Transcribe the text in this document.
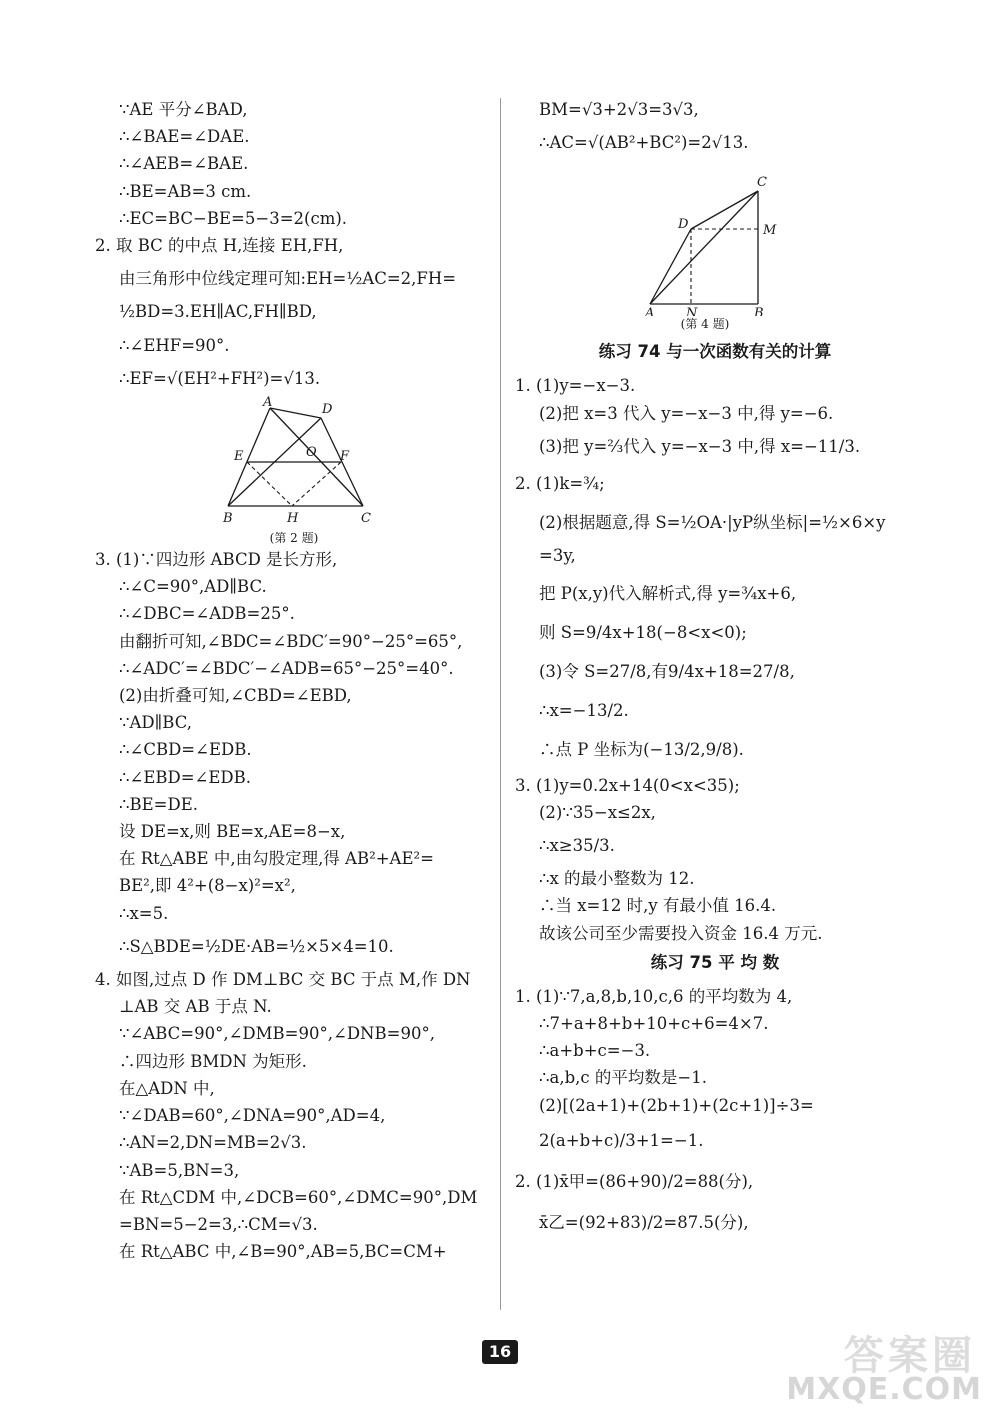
∵AE 平分∠BAD,
∴∠BAE=∠DAE.
∴∠AEB=∠BAE.
∴BE=AB=3 cm.
∴EC=BC−BE=5−3=2(cm).
2. 取 BC 的中点 H,连接 EH,FH,
由三角形中位线定理可知:EH=½AC=2,FH=
½BD=3.EH∥AC,FH∥BD,
∴∠EHF=90°.
∴EF=√(EH²+FH²)=√13.
A	D
E	O F
B	H	C
(第 2 题)
3. (1)∵四边形 ABCD 是长方形,
∴∠C=90°,AD∥BC.
∴∠DBC=∠ADB=25°.
由翻折可知,∠BDC=∠BDC′=90°−25°=65°,
∴∠ADC′=∠BDC′−∠ADB=65°−25°=40°.
(2)由折叠可知,∠CBD=∠EBD,
∵AD∥BC,
∴∠CBD=∠EDB.
∴∠EBD=∠EDB.
∴BE=DE.
设 DE=x,则 BE=x,AE=8−x,
在 Rt△ABE 中,由勾股定理,得 AB²+AE²=
BE²,即 4²+(8−x)²=x²,
∴x=5.
∴S△BDE=½DE·AB=½×5×4=10.
4. 如图,过点 D 作 DM⊥BC 交 BC 于点 M,作 DN
⊥AB 交 AB 于点 N.
∵∠ABC=90°,∠DMB=90°,∠DNB=90°,
∴四边形 BMDN 为矩形.
在△ADN 中,
∵∠DAB=60°,∠DNA=90°,AD=4,
∴AN=2,DN=MB=2√3.
∵AB=5,BN=3,
在 Rt△CDM 中,∠DCB=60°,∠DMC=90°,DM
=BN=5−2=3,∴CM=√3.
在 Rt△ABC 中,∠B=90°,AB=5,BC=CM+
BM=√3+2√3=3√3,
∴AC=√(AB²+BC²)=2√13.
C
D	M
A N	B
(第 4 题)
练习 74 与一次函数有关的计算
1. (1)y=−x−3.
(2)把 x=3 代入 y=−x−3 中,得 y=−6.
(3)把 y=⅔代入 y=−x−3 中,得 x=−11/3.
2. (1)k=¾;
(2)根据题意,得 S=½OA·|yP纵坐标|=½×6×y
=3y,
把 P(x,y)代入解析式,得 y=¾x+6,
则 S=9/4x+18(−8<x<0);
(3)令 S=27/8,有9/4x+18=27/8,
∴x=−13/2.
∴点 P 坐标为(−13/2,9/8).
3. (1)y=0.2x+14(0<x<35);
(2)∵35−x≤2x,
∴x≥35/3.
∴x 的最小整数为 12.
∴当 x=12 时,y 有最小值 16.4.
故该公司至少需要投入资金 16.4 万元.
练习 75 平 均 数
1. (1)∵7,a,8,b,10,c,6 的平均数为 4,
∴7+a+8+b+10+c+6=4×7.
∴a+b+c=−3.
∴a,b,c 的平均数是−1.
(2)[(2a+1)+(2b+1)+(2c+1)]÷3=
2(a+b+c)/3+1=−1.
2. (1)x̄甲=(86+90)/2=88(分),
x̄乙=(92+83)/2=87.5(分),
16	答案圈
MXQE.COM
